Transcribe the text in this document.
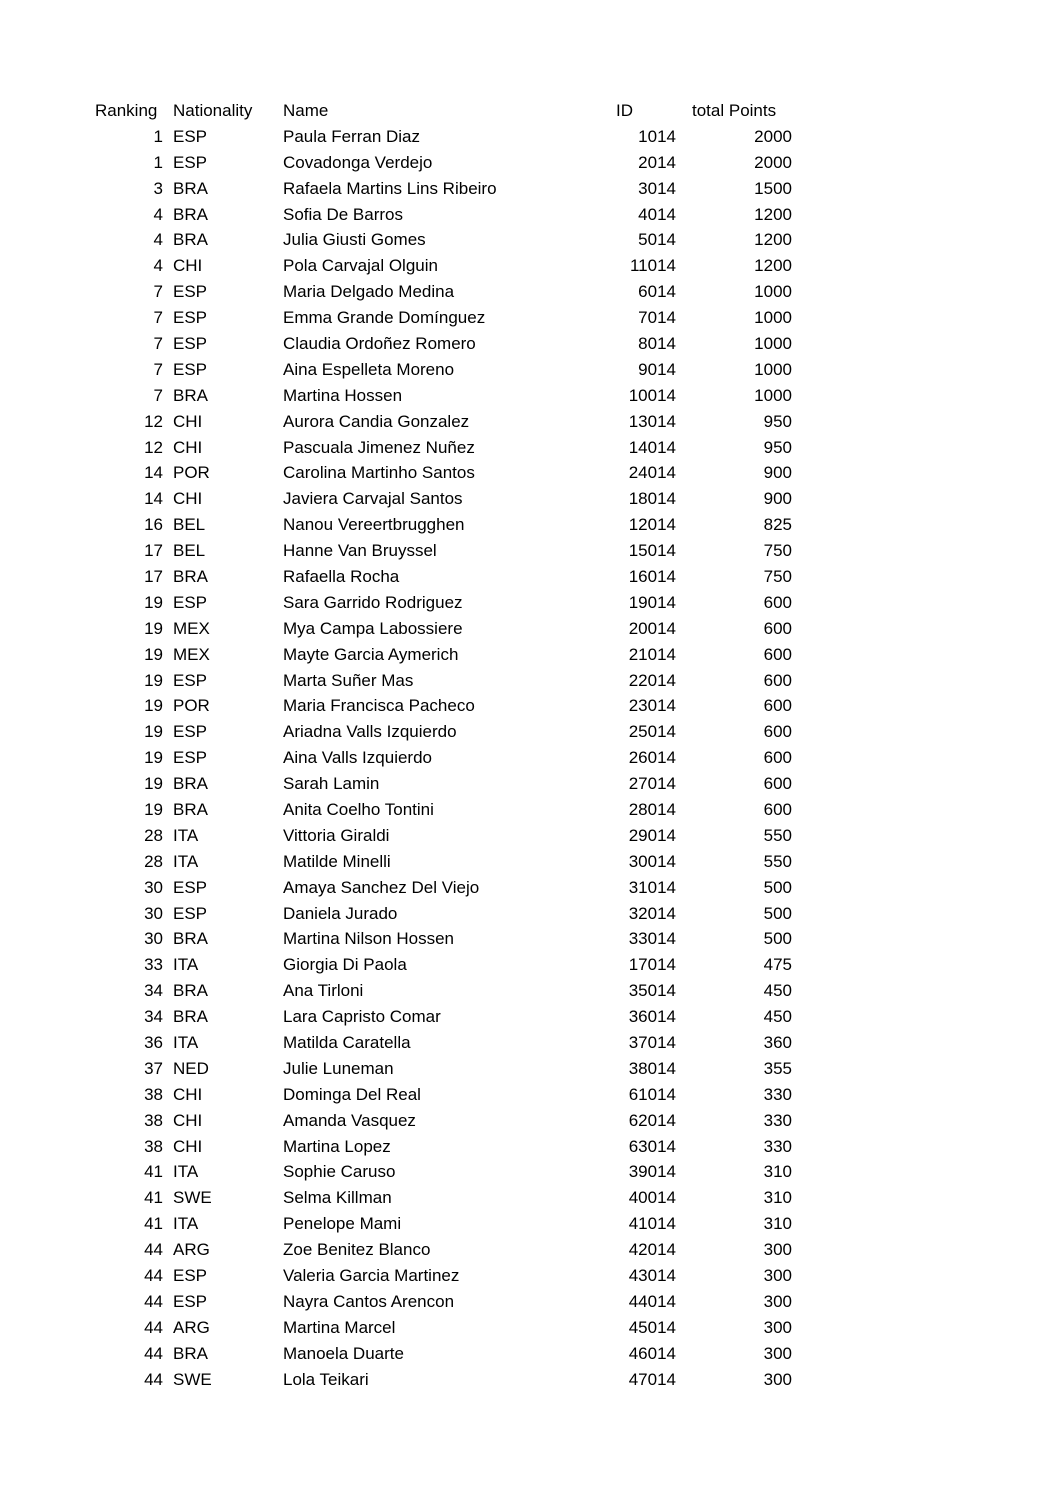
Ranking Nationality	Name	ID	total Points
1 ESP	Paula Ferran Diaz	1014	2000
1 ESP	Covadonga Verdejo	2014	2000
3 BRA	Rafaela Martins Lins Ribeiro	3014	1500
4 BRA	Sofia De Barros	4014	1200
4 BRA	Julia Giusti Gomes	5014	1200
4 CHI	Pola Carvajal Olguin	11014	1200
7 ESP	Maria Delgado Medina	6014	1000
7 ESP	Emma Grande Domínguez	7014	1000
7 ESP	Claudia Ordoñez Romero	8014	1000
7 ESP	Aina Espelleta Moreno	9014	1000
7 BRA	Martina Hossen	10014	1000
12 CHI	Aurora Candia Gonzalez	13014	950
12 CHI	Pascuala Jimenez Nuñez	14014	950
14 POR	Carolina Martinho Santos	24014	900
14 CHI	Javiera Carvajal Santos	18014	900
16 BEL	Nanou Vereertbrugghen	12014	825
17 BEL	Hanne Van Bruyssel	15014	750
17 BRA	Rafaella Rocha	16014	750
19 ESP	Sara Garrido Rodriguez	19014	600
19 MEX	Mya Campa Labossiere	20014	600
19 MEX	Mayte Garcia Aymerich	21014	600
19 ESP	Marta Suñer Mas	22014	600
19 POR	Maria Francisca Pacheco	23014	600
19 ESP	Ariadna Valls Izquierdo	25014	600
19 ESP	Aina Valls Izquierdo	26014	600
19 BRA	Sarah Lamin	27014	600
19 BRA	Anita Coelho Tontini	28014	600
28 ITA	Vittoria Giraldi	29014	550
28 ITA	Matilde Minelli	30014	550
30 ESP	Amaya Sanchez Del Viejo	31014	500
30 ESP	Daniela Jurado	32014	500
30 BRA	Martina Nilson Hossen	33014	500
33 ITA	Giorgia Di Paola	17014	475
34 BRA	Ana Tirloni	35014	450
34 BRA	Lara Capristo Comar	36014	450
36 ITA	Matilda Caratella	37014	360
37 NED	Julie Luneman	38014	355
38 CHI	Dominga Del Real	61014	330
38 CHI	Amanda Vasquez	62014	330
38 CHI	Martina Lopez	63014	330
41 ITA	Sophie Caruso	39014	310
41 SWE	Selma Killman	40014	310
41 ITA	Penelope Mami	41014	310
44 ARG	Zoe Benitez Blanco	42014	300
44 ESP	Valeria Garcia Martinez	43014	300
44 ESP	Nayra Cantos Arencon	44014	300
44 ARG	Martina Marcel	45014	300
44 BRA	Manoela Duarte	46014	300
44 SWE	Lola Teikari	47014	300
